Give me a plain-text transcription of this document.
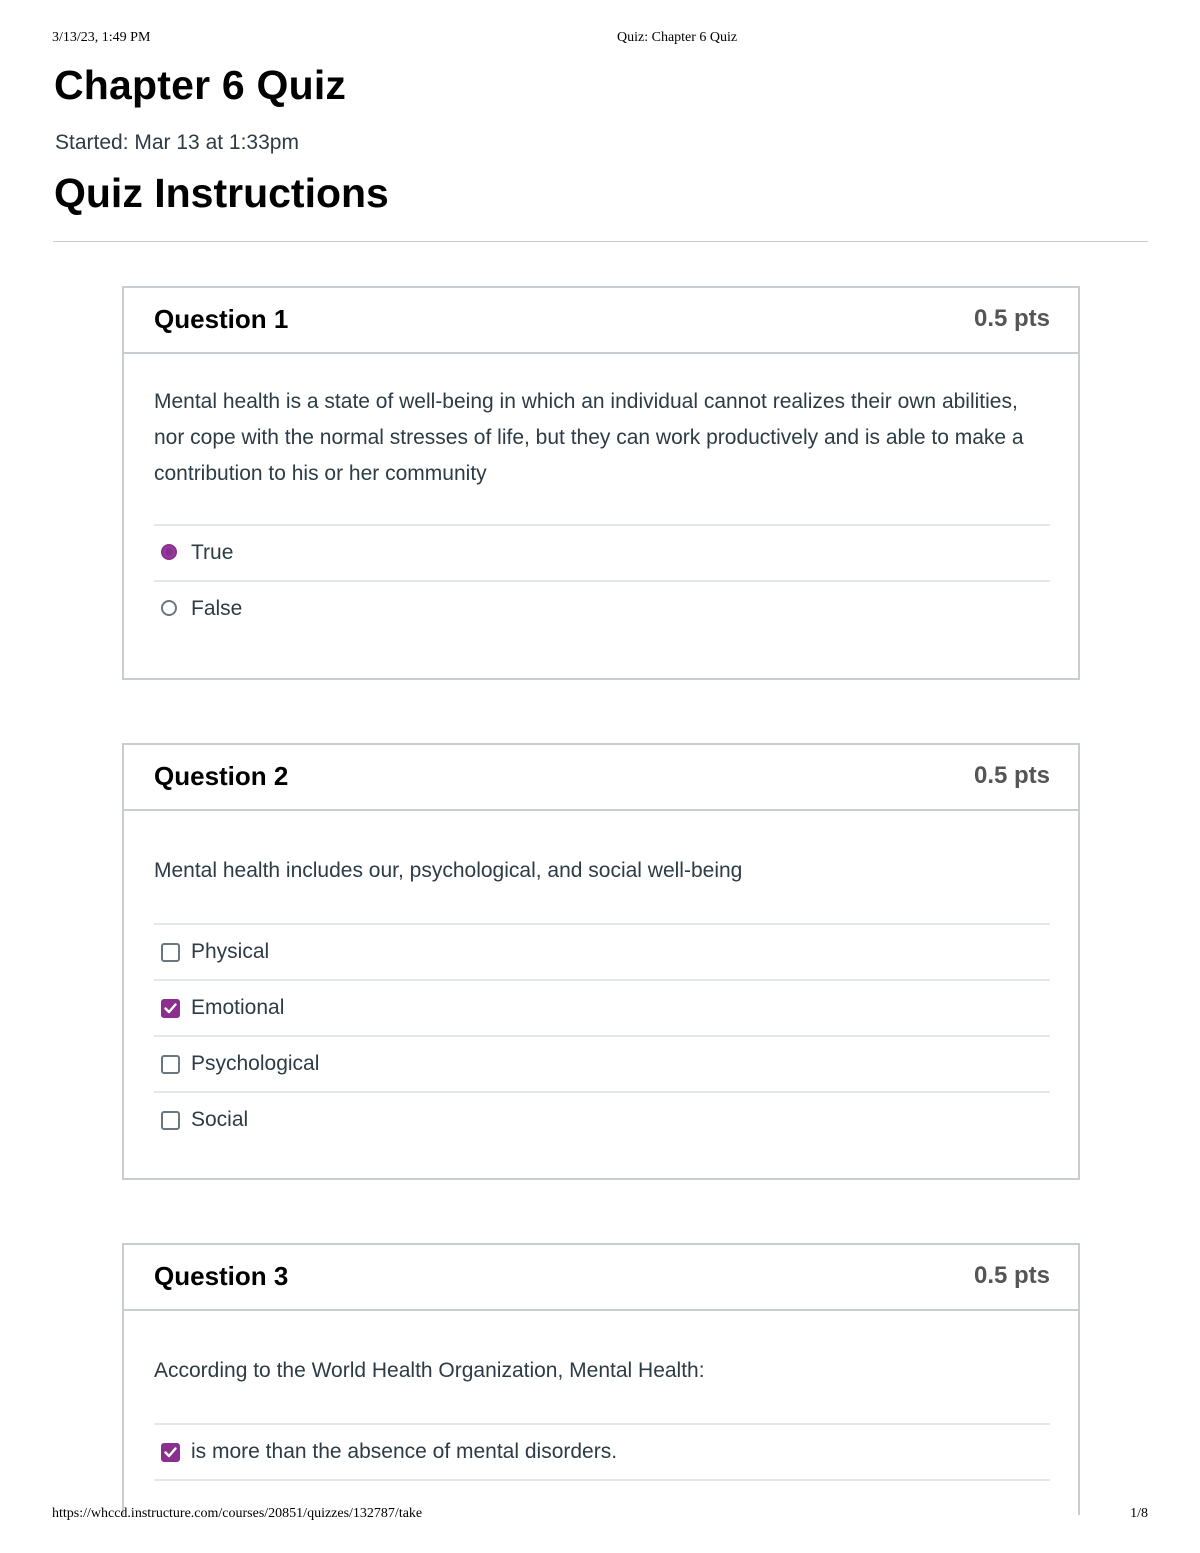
3/13/23, 1:49 PM	Quiz: Chapter 6 Quiz
Chapter 6 Quiz
Started: Mar 13 at 1:33pm
Quiz Instructions
Question 1	0.5 pts

Mental health is a state of well-being in which an individual cannot realizes their own abilities, nor cope with the normal stresses of life, but they can work productively and is able to make a contribution to his or her community

True
False
Question 2	0.5 pts

Mental health includes our, psychological, and social well-being

Physical
Emotional
Psychological
Social
Question 3	0.5 pts

According to the World Health Organization, Mental Health:

is more than the absence of mental disorders.
https://whccd.instructure.com/courses/20851/quizzes/132787/take	1/8
